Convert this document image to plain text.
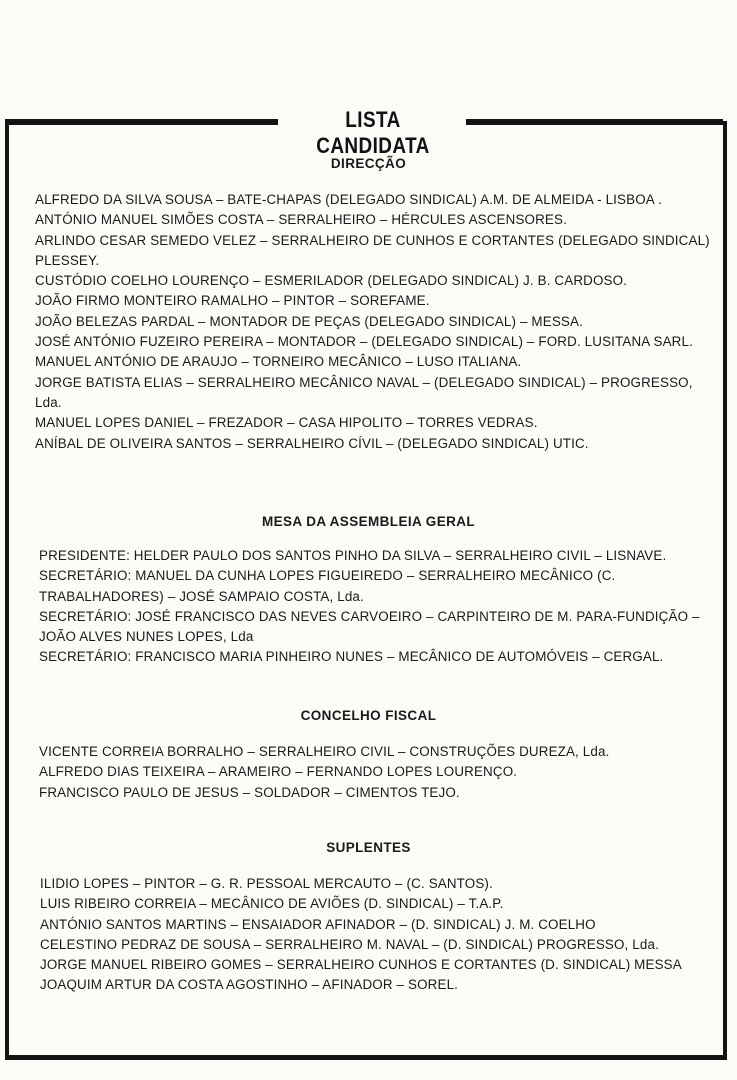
LISTA CANDIDATA
DIRECÇÃO
ALFREDO DA SILVA SOUSA – BATE-CHAPAS (DELEGADO SINDICAL) A.M. DE ALMEIDA - LISBOA .
ANTÓNIO MANUEL SIMÕES COSTA – SERRALHEIRO – HÉRCULES ASCENSORES.
ARLINDO CESAR SEMEDO VELEZ – SERRALHEIRO DE CUNHOS E CORTANTES (DELEGADO SINDICAL) PLESSEY.
CUSTÓDIO COELHO LOURENÇO – ESMERILADOR (DELEGADO SINDICAL) J. B. CARDOSO.
JOÃO FIRMO MONTEIRO RAMALHO – PINTOR – SOREFAME.
JOÃO BELEZAS PARDAL – MONTADOR DE PEÇAS (DELEGADO SINDICAL) – MESSA.
JOSÉ ANTÓNIO FUZEIRO PEREIRA – MONTADOR – (DELEGADO SINDICAL) – FORD. LUSITANA SARL.
MANUEL ANTÓNIO DE ARAUJO – TORNEIRO MECÂNICO – LUSO ITALIANA.
JORGE BATISTA ELIAS – SERRALHEIRO MECÂNICO NAVAL – (DELEGADO SINDICAL) – PROGRESSO, Lda.
MANUEL LOPES DANIEL – FREZADOR – CASA HIPOLITO – TORRES VEDRAS.
ANÍBAL DE OLIVEIRA SANTOS – SERRALHEIRO CÍVIL – (DELEGADO SINDICAL) UTIC.
MESA DA ASSEMBLEIA GERAL
PRESIDENTE: HELDER PAULO DOS SANTOS PINHO DA SILVA – SERRALHEIRO CIVIL – LISNAVE.
SECRETÁRIO: MANUEL DA CUNHA LOPES FIGUEIREDO – SERRALHEIRO MECÂNICO (C. TRABALHADORES) – JOSÉ SAMPAIO COSTA, Lda.
SECRETÁRIO: JOSÉ FRANCISCO DAS NEVES CARVOEIRO – CARPINTEIRO DE M. PARA-FUNDIÇÃO – JOÃO ALVES NUNES LOPES, Lda
SECRETÁRIO: FRANCISCO MARIA PINHEIRO NUNES – MECÂNICO DE AUTOMÓVEIS – CERGAL.
CONCELHO FISCAL
VICENTE CORREIA BORRALHO – SERRALHEIRO CIVIL – CONSTRUÇÕES DUREZA, Lda.
ALFREDO DIAS TEIXEIRA – ARAMEIRO – FERNANDO LOPES LOURENÇO.
FRANCISCO PAULO DE JESUS – SOLDADOR – CIMENTOS TEJO.
SUPLENTES
ILIDIO LOPES – PINTOR – G. R. PESSOAL MERCAUTO – (C. SANTOS).
LUIS RIBEIRO CORREIA – MECÂNICO DE AVIÕES (D. SINDICAL) – T.A.P.
ANTÓNIO SANTOS MARTINS – ENSAIADOR AFINADOR – (D. SINDICAL) J. M. COELHO
CELESTINO PEDRAZ DE SOUSA – SERRALHEIRO M. NAVAL – (D. SINDICAL) PROGRESSO, Lda.
JORGE MANUEL RIBEIRO GOMES – SERRALHEIRO CUNHOS E CORTANTES (D. SINDICAL) MESSA
JOAQUIM ARTUR DA COSTA AGOSTINHO – AFINADOR – SOREL.
